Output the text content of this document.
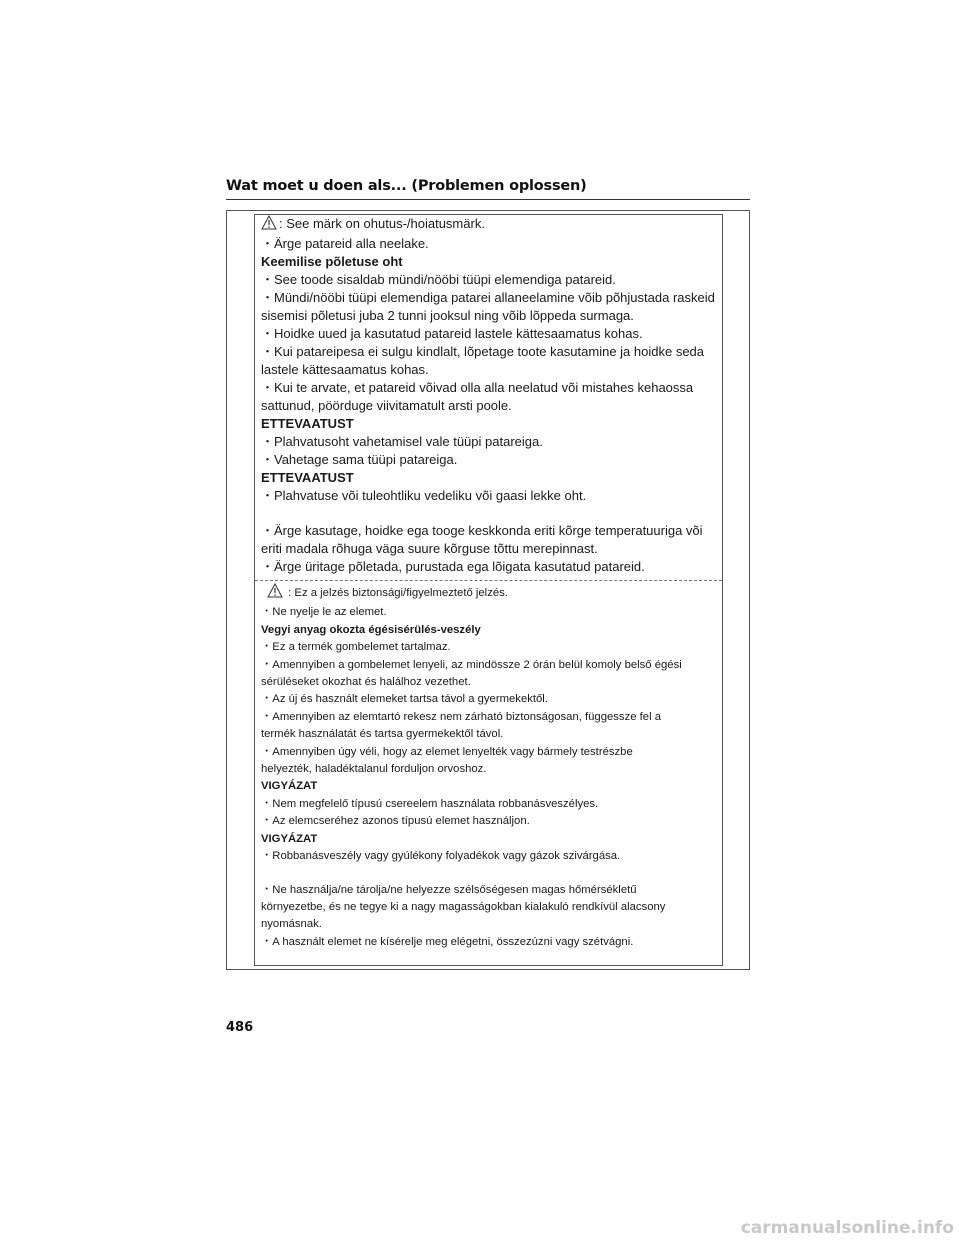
Wat moet u doen als... (Problemen oplossen)
: See märk on ohutus-/hoiatusmärk.
・Ärge patareid alla neelake.
Keemilise põletuse oht
・See toode sisaldab mündi/nööbi tüüpi elemendiga patareid.
・Mündi/nööbi tüüpi elemendiga patarei allaneelamine võib põhjustada raskeid
sisemisi põletusi juba 2 tunni jooksul ning võib lõppeda surmaga.
・Hoidke uued ja kasutatud patareid lastele kättesaamatus kohas.
・Kui patareipesa ei sulgu kindlalt, lõpetage toote kasutamine ja hoidke seda
lastele kättesaamatus kohas.
・Kui te arvate, et patareid võivad olla alla neelatud või mistahes kehaossa
sattunud, pöörduge viivitamatult arsti poole.
ETTEVAATUST
・Plahvatusoht vahetamisel vale tüüpi patareiga.
・Vahetage sama tüüpi patareiga.
ETTEVAATUST
・Plahvatuse või tuleohtliku vedeliku või gaasi lekke oht.
・Ärge kasutage, hoidke ega tooge keskkonda eriti kõrge temperatuuriga või
eriti madala rõhuga väga suure kõrguse tõttu merepinnast.
・Ärge üritage põletada, purustada ega lõigata kasutatud patareid.
: Ez a jelzés biztonsági/figyelmeztető jelzés.
・Ne nyelje le az elemet.
Vegyi anyag okozta égésisérülés-veszély
・Ez a termék gombelemet tartalmaz.
・Amennyiben a gombelemet lenyeli, az mindössze 2 órán belül komoly belső égési
sérüléseket okozhat és halálhoz vezethet.
・Az új és használt elemeket tartsa távol a gyermekektől.
・Amennyiben az elemtartó rekesz nem zárható biztonságosan, függessze fel a
termék használatát és tartsa gyermekektől távol.
・Amennyiben úgy véli, hogy az elemet lenyelték vagy bármely testrészbe
helyezték, haladéktalanul forduljon orvoshoz.
VIGYÁZAT
・Nem megfelelő típusú csereelem használata robbanásveszélyes.
・Az elemcseréhez azonos típusú elemet használjon.
VIGYÁZAT
・Robbanásveszély vagy gyúlékony folyadékok vagy gázok szivárgása.
・Ne használja/ne tárolja/ne helyezze szélsőségesen magas hőmérsékletű
környezetbe, és ne tegye ki a nagy magasságokban kialakuló rendkívül alacsony
nyomásnak.
・A használt elemet ne kísérelje meg elégetni, összezúzni vagy szétvágni.
486
carmanualsonline.info
